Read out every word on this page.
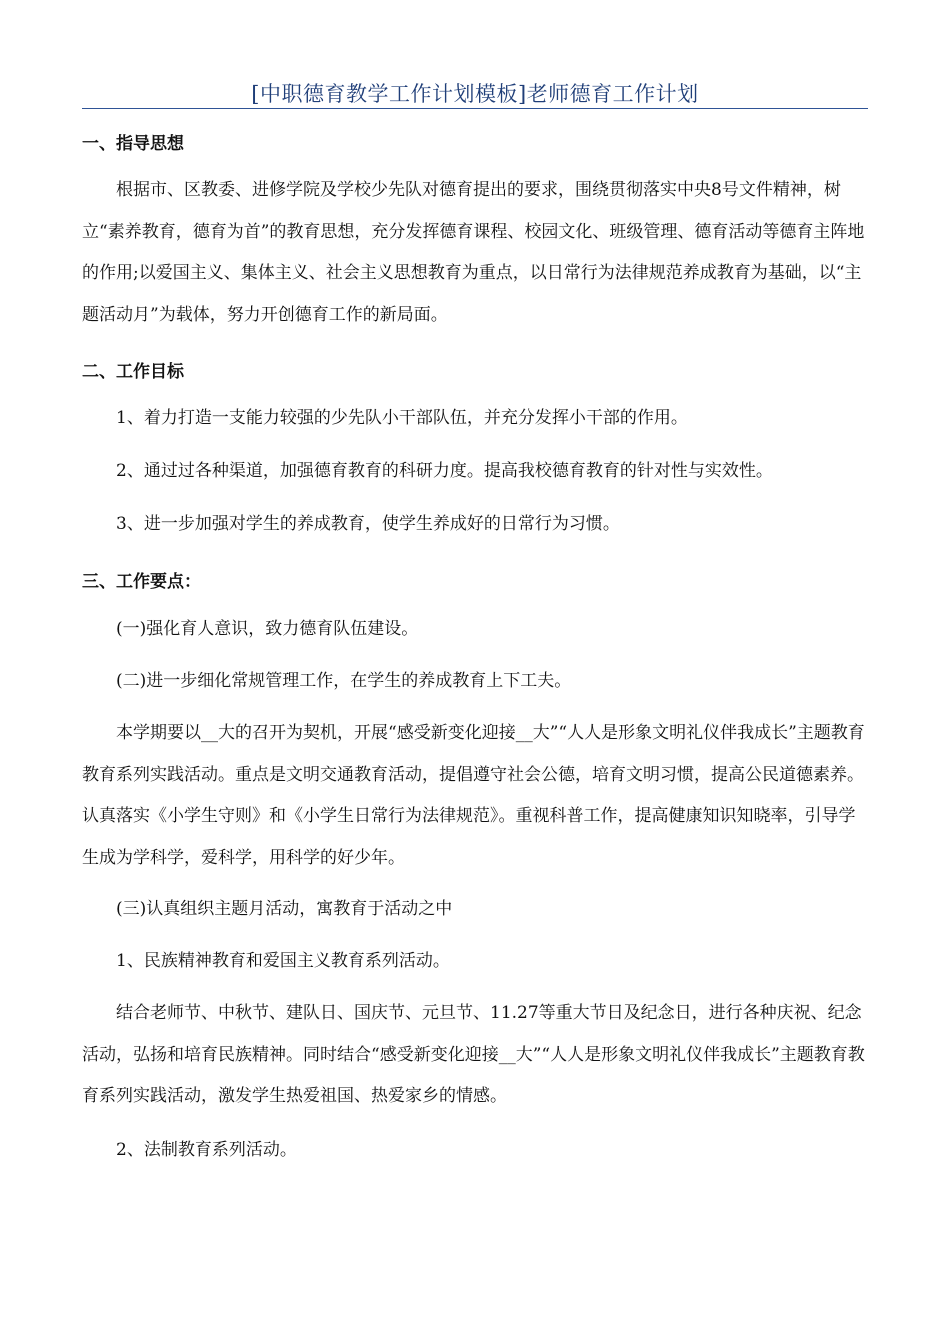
[中职德育教学工作计划模板]老师德育工作计划
一、指导思想

根据市、区教委、进修学院及学校少先队对德育提出的要求，围绕贯彻落实中央8号文件精神，树立“素养教育，德育为首”的教育思想，充分发挥德育课程、校园文化、班级管理、德育活动等德育主阵地的作用;以爱国主义、集体主义、社会主义思想教育为重点，以日常行为法律规范养成教育为基础，以“主题活动月”为载体，努力开创德育工作的新局面。

二、工作目标

1、着力打造一支能力较强的少先队小干部队伍，并充分发挥小干部的作用。

2、通过过各种渠道，加强德育教育的科研力度。提高我校德育教育的针对性与实效性。

3、进一步加强对学生的养成教育，使学生养成好的日常行为习惯。

三、工作要点：

(一)强化育人意识，致力德育队伍建设。

(二)进一步细化常规管理工作，在学生的养成教育上下工夫。

本学期要以__大的召开为契机，开展“感受新变化迎接__大”“人人是形象文明礼仪伴我成长”主题教育教育系列实践活动。重点是文明交通教育活动，提倡遵守社会公德，培育文明习惯，提高公民道德素养。认真落实《小学生守则》和《小学生日常行为法律规范》。重视科普工作，提高健康知识知晓率，引导学生成为学科学，爱科学，用科学的好少年。

(三)认真组织主题月活动，寓教育于活动之中

1、民族精神教育和爱国主义教育系列活动。

结合老师节、中秋节、建队日、国庆节、元旦节、11.27等重大节日及纪念日，进行各种庆祝、纪念活动，弘扬和培育民族精神。同时结合“感受新变化迎接__大”“人人是形象文明礼仪伴我成长”主题教育教育系列实践活动，激发学生热爱祖国、热爱家乡的情感。

2、法制教育系列活动。
